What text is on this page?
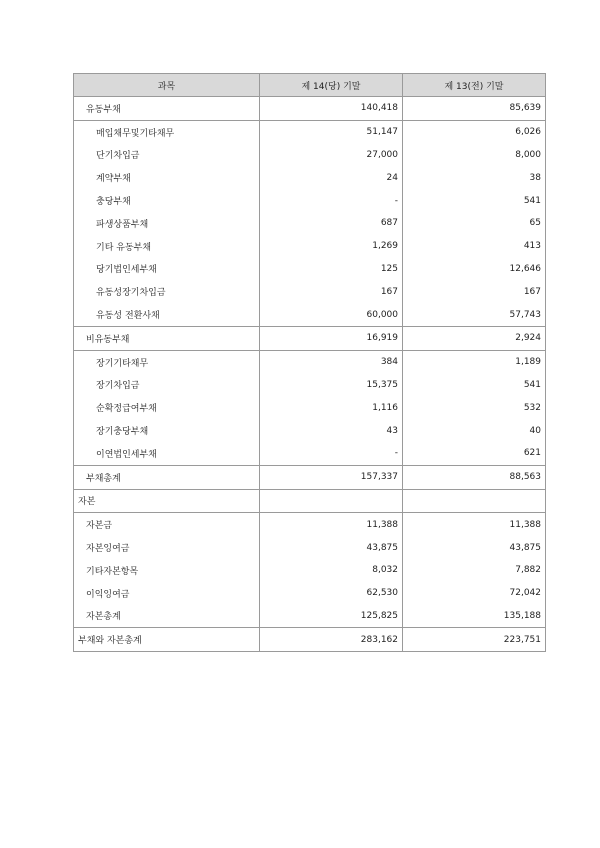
과목	제 14(당) 기말	제 13(전) 기말
유동부채	140,418	85,639
매입채무및기타채무	51,147	6,026
단기차입금	27,000	8,000
계약부채	24	38
충당부채	-	541
파생상품부채	687	65
기타 유동부채	1,269	413
당기법인세부채	125	12,646
유동성장기차입금	167	167
유동성 전환사채	60,000	57,743
비유동부채	16,919	2,924
장기기타채무	384	1,189
장기차입금	15,375	541
순확정급여부채	1,116	532
장기충당부채	43	40
이연법인세부채	-	621
부채총계	157,337	88,563
자본		
자본금	11,388	11,388
자본잉여금	43,875	43,875
기타자본항목	8,032	7,882
이익잉여금	62,530	72,042
자본총계	125,825	135,188
부채와 자본총계	283,162	223,751
